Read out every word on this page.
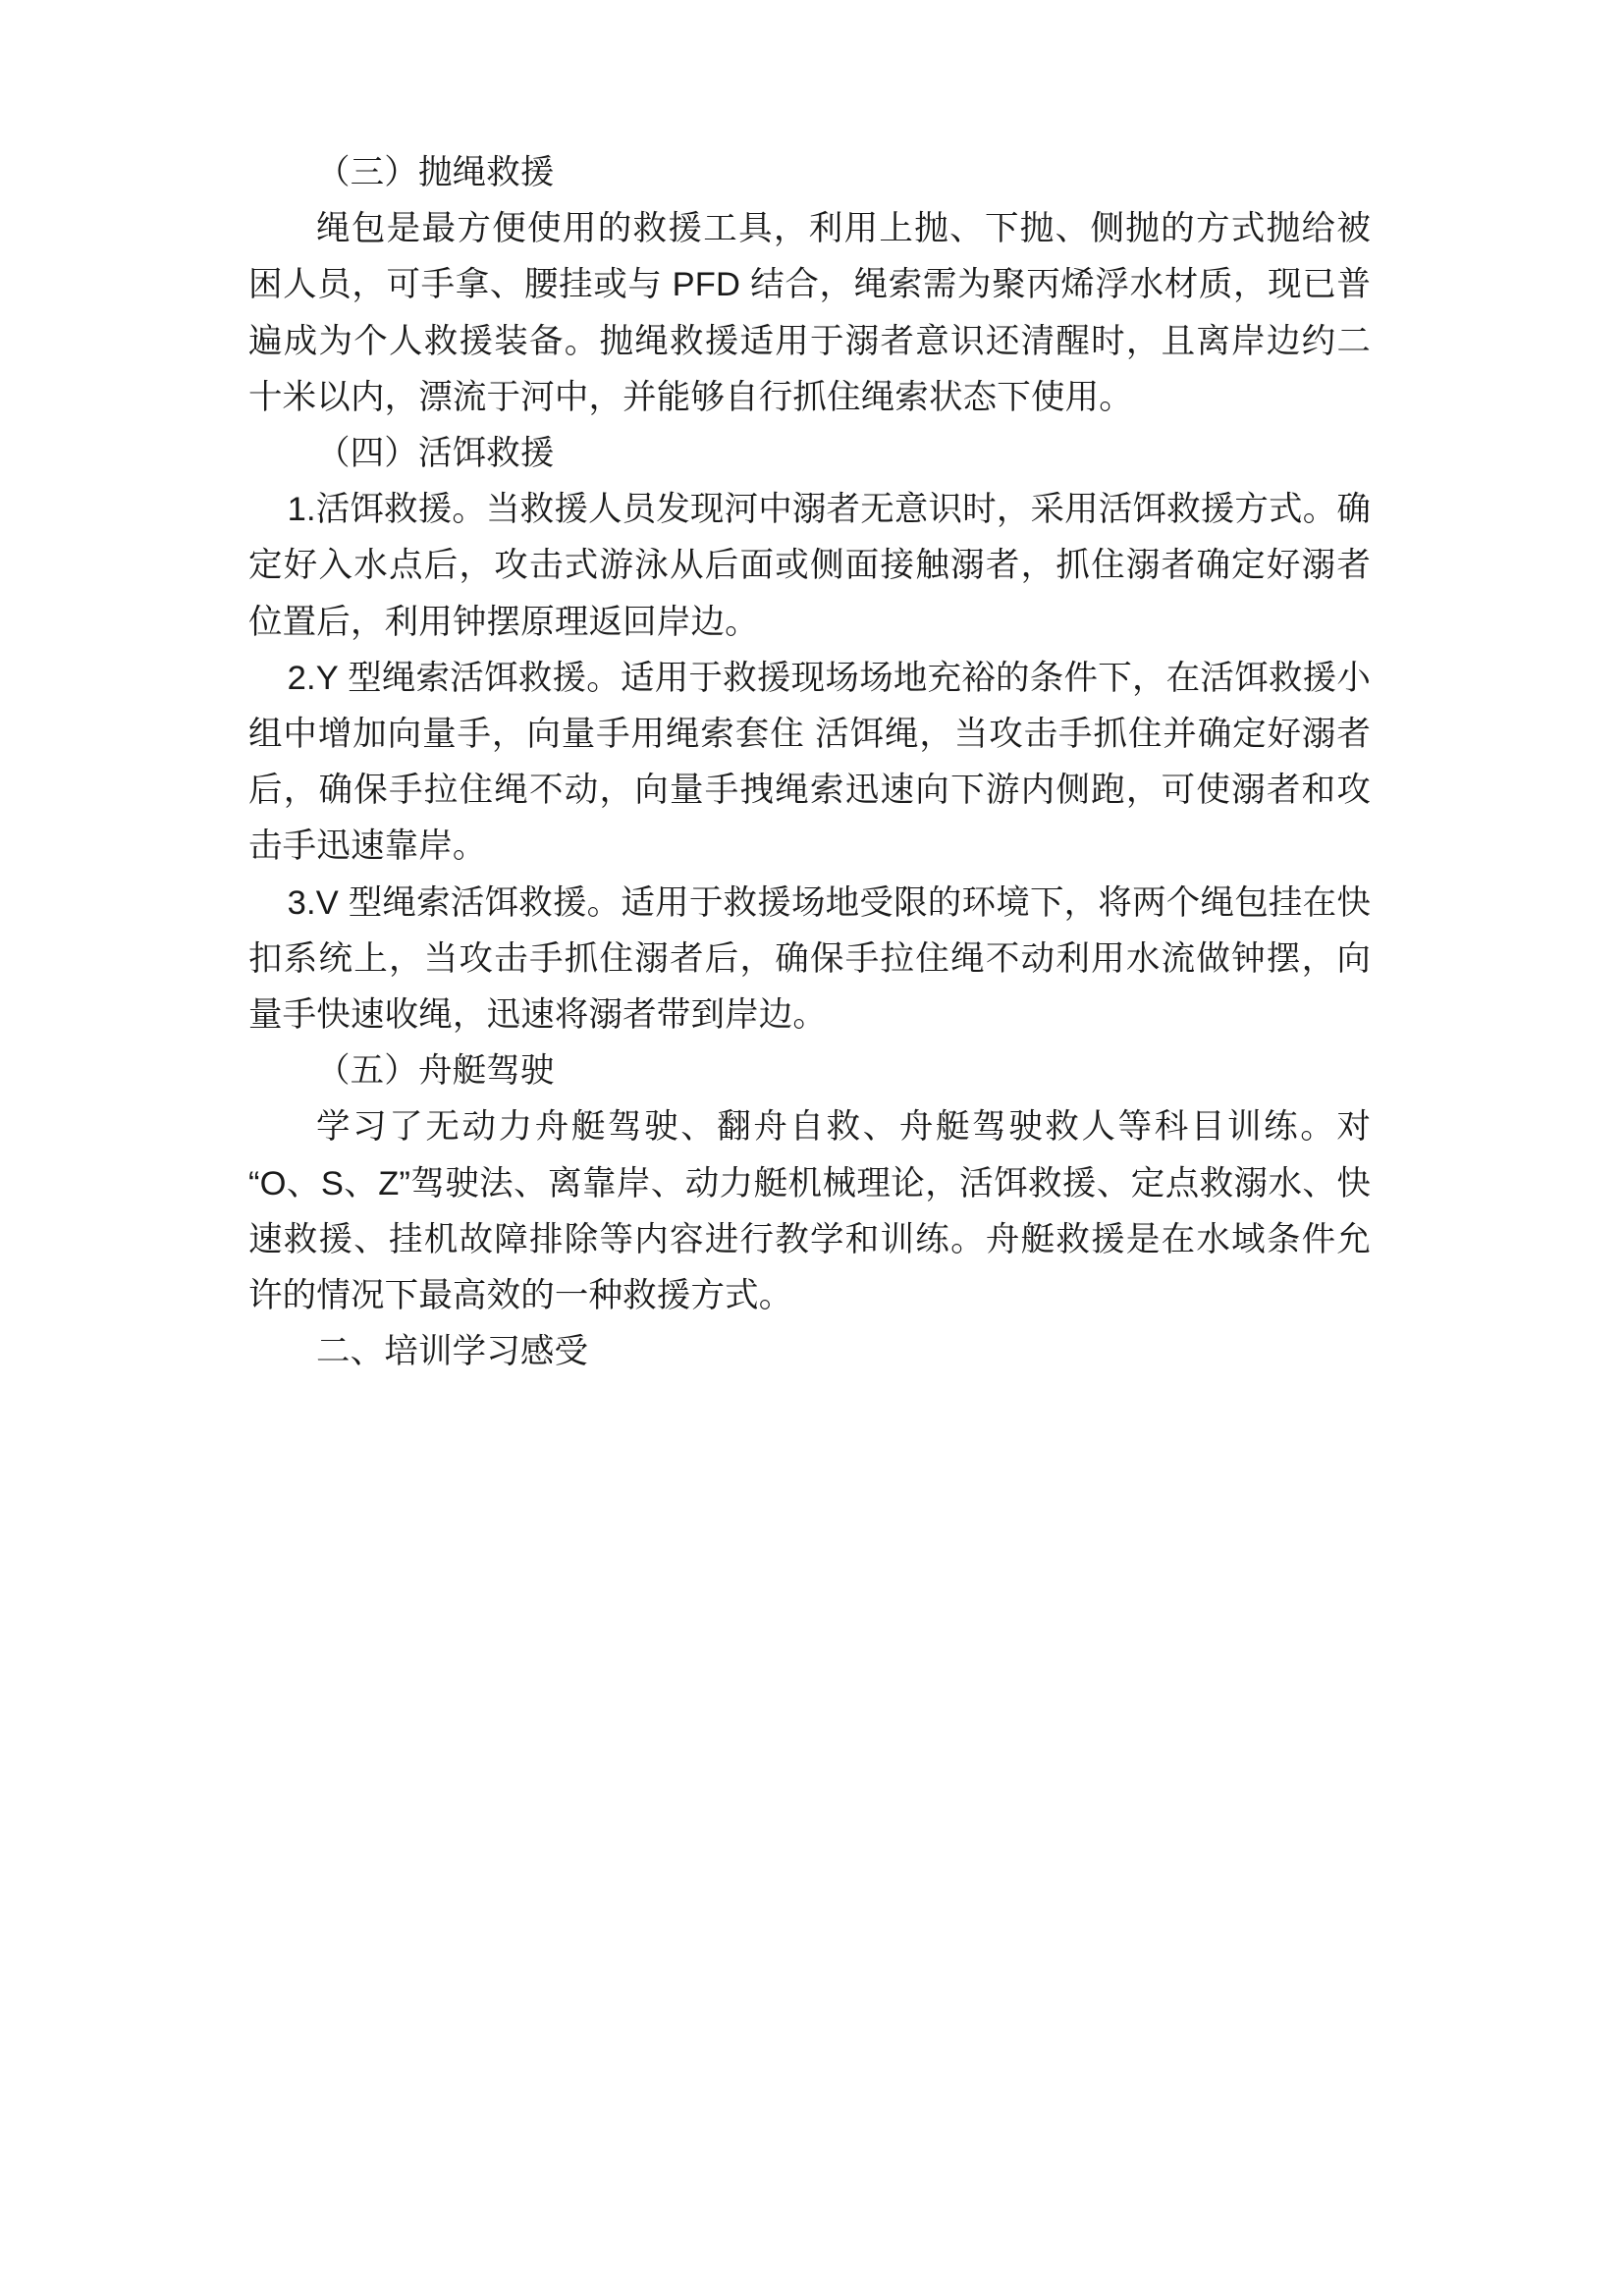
（三）抛绳救援

绳包是最方便使用的救援工具，利用上抛、下抛、侧抛的方式抛给被困人员，可手拿、腰挂或与 PFD 结合，绳索需为聚丙烯浮水材质，现已普遍成为个人救援装备。抛绳救援适用于溺者意识还清醒时，且离岸边约二十米以内，漂流于河中，并能够自行抓住绳索状态下使用。

（四）活饵救援

1.活饵救援。当救援人员发现河中溺者无意识时，采用活饵救援方式。确定好入水点后，攻击式游泳从后面或侧面接触溺者，抓住溺者确定好溺者位置后，利用钟摆原理返回岸边。

2.Y 型绳索活饵救援。适用于救援现场场地充裕的条件下，在活饵救援小组中增加向量手，向量手用绳索套住 活饵绳，当攻击手抓住并确定好溺者后，确保手拉住绳不动，向量手拽绳索迅速向下游内侧跑，可使溺者和攻击手迅速靠岸。

3.V 型绳索活饵救援。适用于救援场地受限的环境下，将两个绳包挂在快扣系统上，当攻击手抓住溺者后，确保手拉住绳不动利用水流做钟摆，向量手快速收绳，迅速将溺者带到岸边。

（五）舟艇驾驶

学习了无动力舟艇驾驶、翻舟自救、舟艇驾驶救人等科目训练。对“O、S、Z”驾驶法、离靠岸、动力艇机械理论，活饵救援、定点救溺水、快速救援、挂机故障排除等内容进行教学和训练。舟艇救援是在水域条件允许的情况下最高效的一种救援方式。

二、培训学习感受
